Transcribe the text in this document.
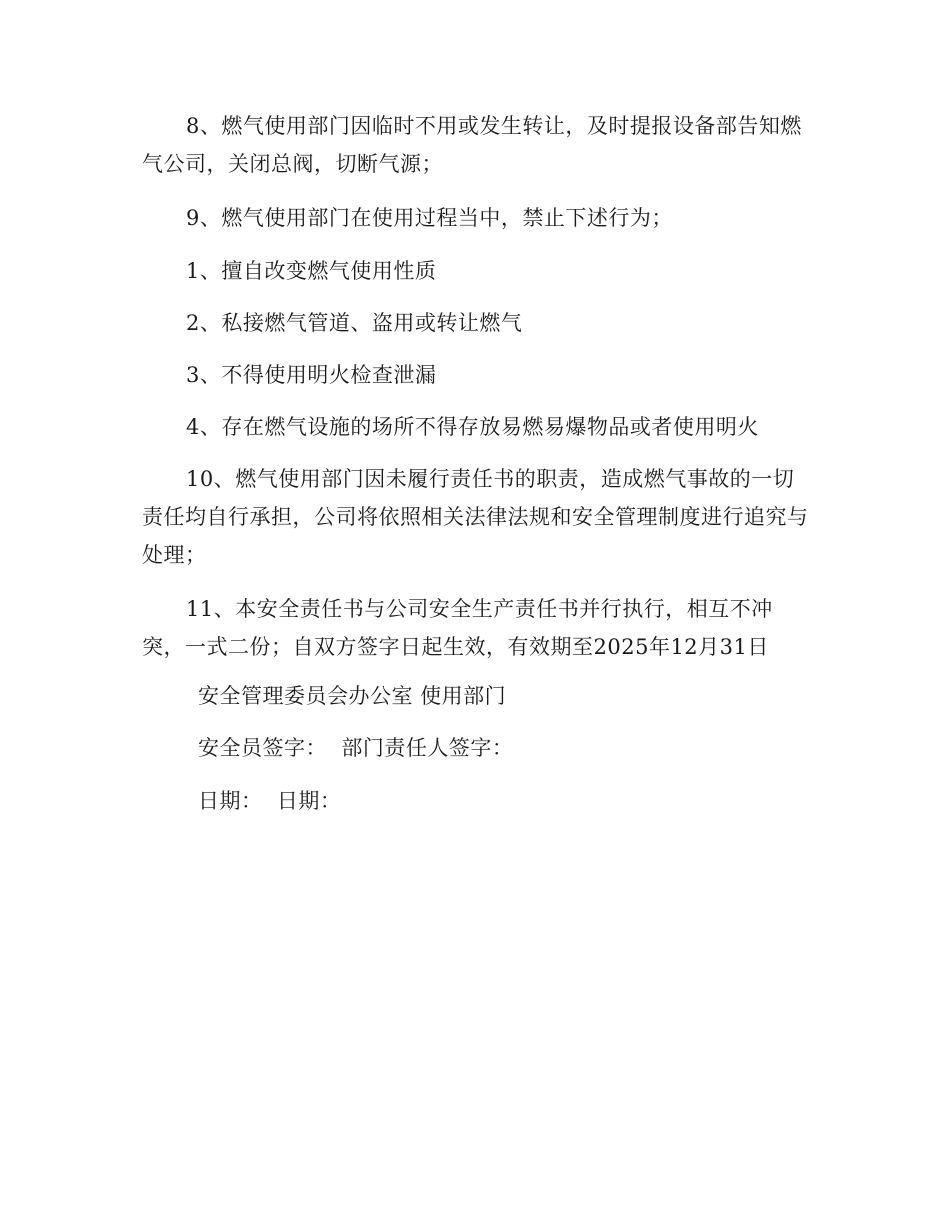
8、燃气使用部门因临时不用或发生转让，及时提报设备部告知燃气公司，关闭总阀，切断气源；

9、燃气使用部门在使用过程当中，禁止下述行为；

1、擅自改变燃气使用性质

2、私接燃气管道、盗用或转让燃气

3、不得使用明火检查泄漏

4、存在燃气设施的场所不得存放易燃易爆物品或者使用明火

10、燃气使用部门因未履行责任书的职责，造成燃气事故的一切责任均自行承担，公司将依照相关法律法规和安全管理制度进行追究与处理；

11、本安全责任书与公司安全生产责任书并行执行，相互不冲突，一式二份；自双方签字日起生效，有效期至2025年12月31日

安全管理委员会办公室 使用部门
安全员签字：  部门责任人签字：
日期：  日期：
